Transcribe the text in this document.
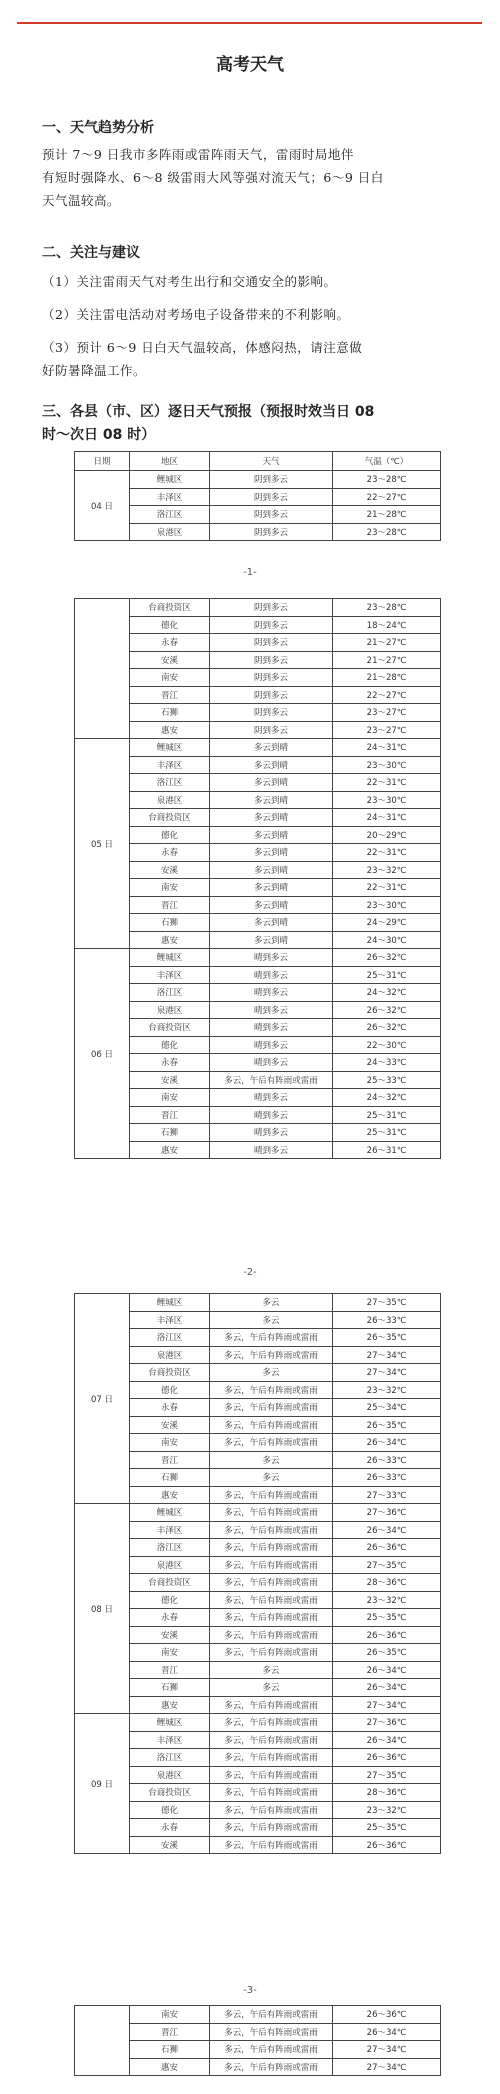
高考天气
一、天气趋势分析
预计 7～9 日我市多阵雨或雷阵雨天气，雷雨时局地伴
有短时强降水、6～8 级雷雨大风等强对流天气；6～9 日白
天气温较高。
二、关注与建议
（1）关注雷雨天气对考生出行和交通安全的影响。
（2）关注雷电活动对考场电子设备带来的不利影响。
（3）预计 6～9 日白天气温较高，体感闷热，请注意做
好防暑降温工作。
三、各县（市、区）逐日天气预报（预报时效当日 08
时～次日 08 时）
日期	地区	天气	气温（℃）
04 日	鲤城区	阴到多云	23～28℃
	丰泽区	阴到多云	22～27℃
	洛江区	阴到多云	21～28℃
	泉港区	阴到多云	23～28℃
-1-
	台商投资区	阴到多云	23～28℃
	德化	阴到多云	18～24℃
	永春	阴到多云	21～27℃
	安溪	阴到多云	21～27℃
	南安	阴到多云	21～28℃
	晋江	阴到多云	22～27℃
	石狮	阴到多云	23～27℃
	惠安	阴到多云	23～27℃
05 日	鲤城区	多云到晴	24～31℃
	丰泽区	多云到晴	23～30℃
	洛江区	多云到晴	22～31℃
	泉港区	多云到晴	23～30℃
	台商投资区	多云到晴	24～31℃
	德化	多云到晴	20～29℃
	永春	多云到晴	22～31℃
	安溪	多云到晴	23～32℃
	南安	多云到晴	22～31℃
	晋江	多云到晴	23～30℃
	石狮	多云到晴	24～29℃
	惠安	多云到晴	24～30℃
06 日	鲤城区	晴到多云	26～32℃
	丰泽区	晴到多云	25～31℃
	洛江区	晴到多云	24～32℃
	泉港区	晴到多云	26～32℃
	台商投资区	晴到多云	26～32℃
	德化	晴到多云	22～30℃
	永春	晴到多云	24～33℃
	安溪	多云，午后有阵雨或雷雨	25～33℃
	南安	晴到多云	24～32℃
	晋江	晴到多云	25～31℃
	石狮	晴到多云	25～31℃
	惠安	晴到多云	26～31℃
-2-
07 日	鲤城区	多云	27～35℃
	丰泽区	多云	26～33℃
	洛江区	多云，午后有阵雨或雷雨	26～35℃
	泉港区	多云，午后有阵雨或雷雨	27～34℃
	台商投资区	多云	27～34℃
	德化	多云，午后有阵雨或雷雨	23～32℃
	永春	多云，午后有阵雨或雷雨	25～34℃
	安溪	多云，午后有阵雨或雷雨	26～35℃
	南安	多云，午后有阵雨或雷雨	26～34℃
	晋江	多云	26～33℃
	石狮	多云	26～33℃
	惠安	多云，午后有阵雨或雷雨	27～33℃
08 日	鲤城区	多云，午后有阵雨或雷雨	27～36℃
	丰泽区	多云，午后有阵雨或雷雨	26～34℃
	洛江区	多云，午后有阵雨或雷雨	26～36℃
	泉港区	多云，午后有阵雨或雷雨	27～35℃
	台商投资区	多云，午后有阵雨或雷雨	28～36℃
	德化	多云，午后有阵雨或雷雨	23～32℃
	永春	多云，午后有阵雨或雷雨	25～35℃
	安溪	多云，午后有阵雨或雷雨	26～36℃
	南安	多云，午后有阵雨或雷雨	26～35℃
	晋江	多云	26～34℃
	石狮	多云	26～34℃
	惠安	多云，午后有阵雨或雷雨	27～34℃
09 日	鲤城区	多云，午后有阵雨或雷雨	27～36℃
	丰泽区	多云，午后有阵雨或雷雨	26～34℃
	洛江区	多云，午后有阵雨或雷雨	26～36℃
	泉港区	多云，午后有阵雨或雷雨	27～35℃
	台商投资区	多云，午后有阵雨或雷雨	28～36℃
	德化	多云，午后有阵雨或雷雨	23～32℃
	永春	多云，午后有阵雨或雷雨	25～35℃
	安溪	多云，午后有阵雨或雷雨	26～36℃
-3-
	南安	多云，午后有阵雨或雷雨	26～36℃
	晋江	多云，午后有阵雨或雷雨	26～34℃
	石狮	多云，午后有阵雨或雷雨	27～34℃
	惠安	多云，午后有阵雨或雷雨	27～34℃
